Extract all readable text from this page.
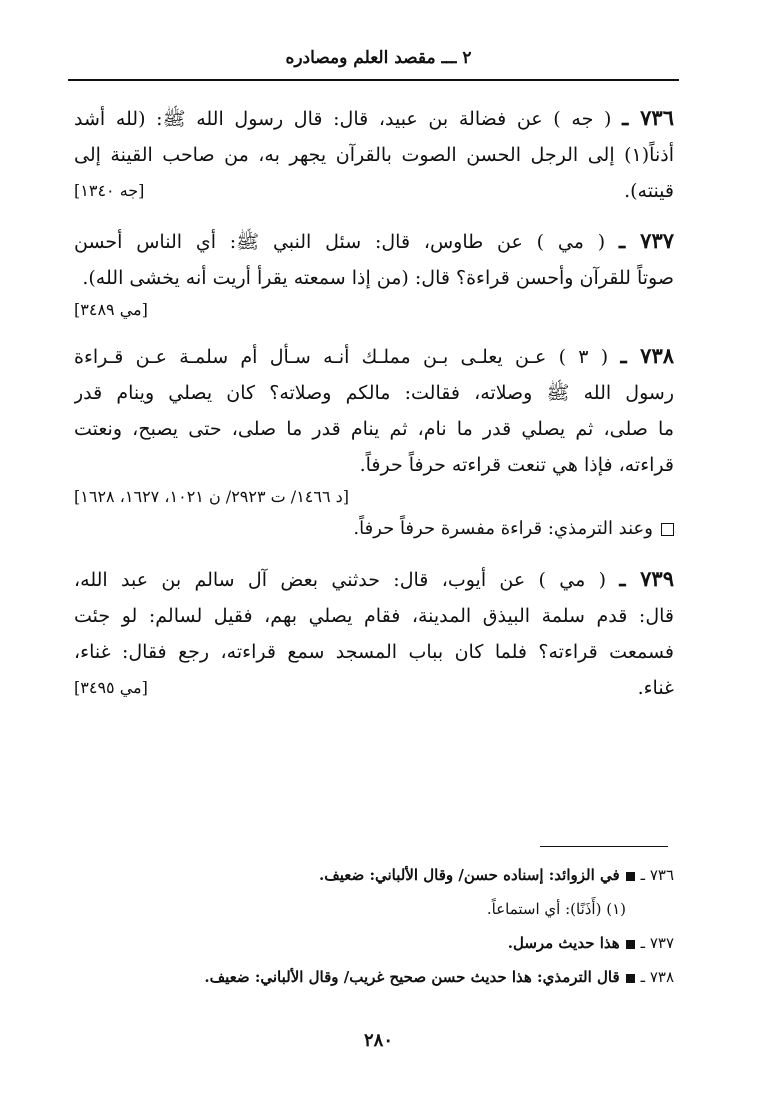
٢ ـــ مقصد العلم ومصادره
٧٣٦ ـ ( جه ) عن فضالة بن عبيد، قال: قال رسول الله ﷺ: (لله أشد
أذناً(١) إلى الرجل الحسن الصوت بالقرآن يجهر به، من صاحب القينة إلى
قينته).
[جه ١٣٤٠]
٧٣٧ ـ ( مي ) عن طاوس، قال: سئل النبي ﷺ: أي الناس أحسن
صوتاً للقرآن وأحسن قراءة؟ قال: (من إذا سمعته يقرأ أريت أنه يخشى الله).
[مي ٣٤٨٩]
٧٣٨ ـ ( ٣ ) عـن يعلـى بـن مملـك أنـه سـأل أم سلمـة عـن قـراءة
رسول الله ﷺ وصلاته، فقالت: مالكم وصلاته؟ كان يصلي وينام قدر
ما صلى، ثم يصلي قدر ما نام، ثم ينام قدر ما صلى، حتى يصبح، ونعتت
قراءته، فإذا هي تنعت قراءته حرفاً حرفاً.
[د ١٤٦٦/ ت ٢٩٢٣/ ن ١٠٢١، ١٦٢٧، ١٦٢٨]
وعند الترمذي: قراءة مفسرة حرفاً حرفاً.
٧٣٩ ـ ( مي ) عن أيوب، قال: حدثني بعض آل سالم بن عبد الله،
قال: قدم سلمة البيذق المدينة، فقام يصلي بهم، فقيل لسالم: لو جئت
فسمعت قراءته؟ فلما كان بباب المسجد سمع قراءته، رجع فقال: غناء،
غناء.
[مي ٣٤٩٥]
٧٣٦ ـفي الزوائد: إسناده حسن/ وقال الألباني: ضعيف.
(١) (أَذَنًا): أي استماعاً.
٧٣٧ ـهذا حديث مرسل.
٧٣٨ ـقال الترمذي: هذا حديث حسن صحيح غريب/ وقال الألباني: ضعيف.
٢٨٠
